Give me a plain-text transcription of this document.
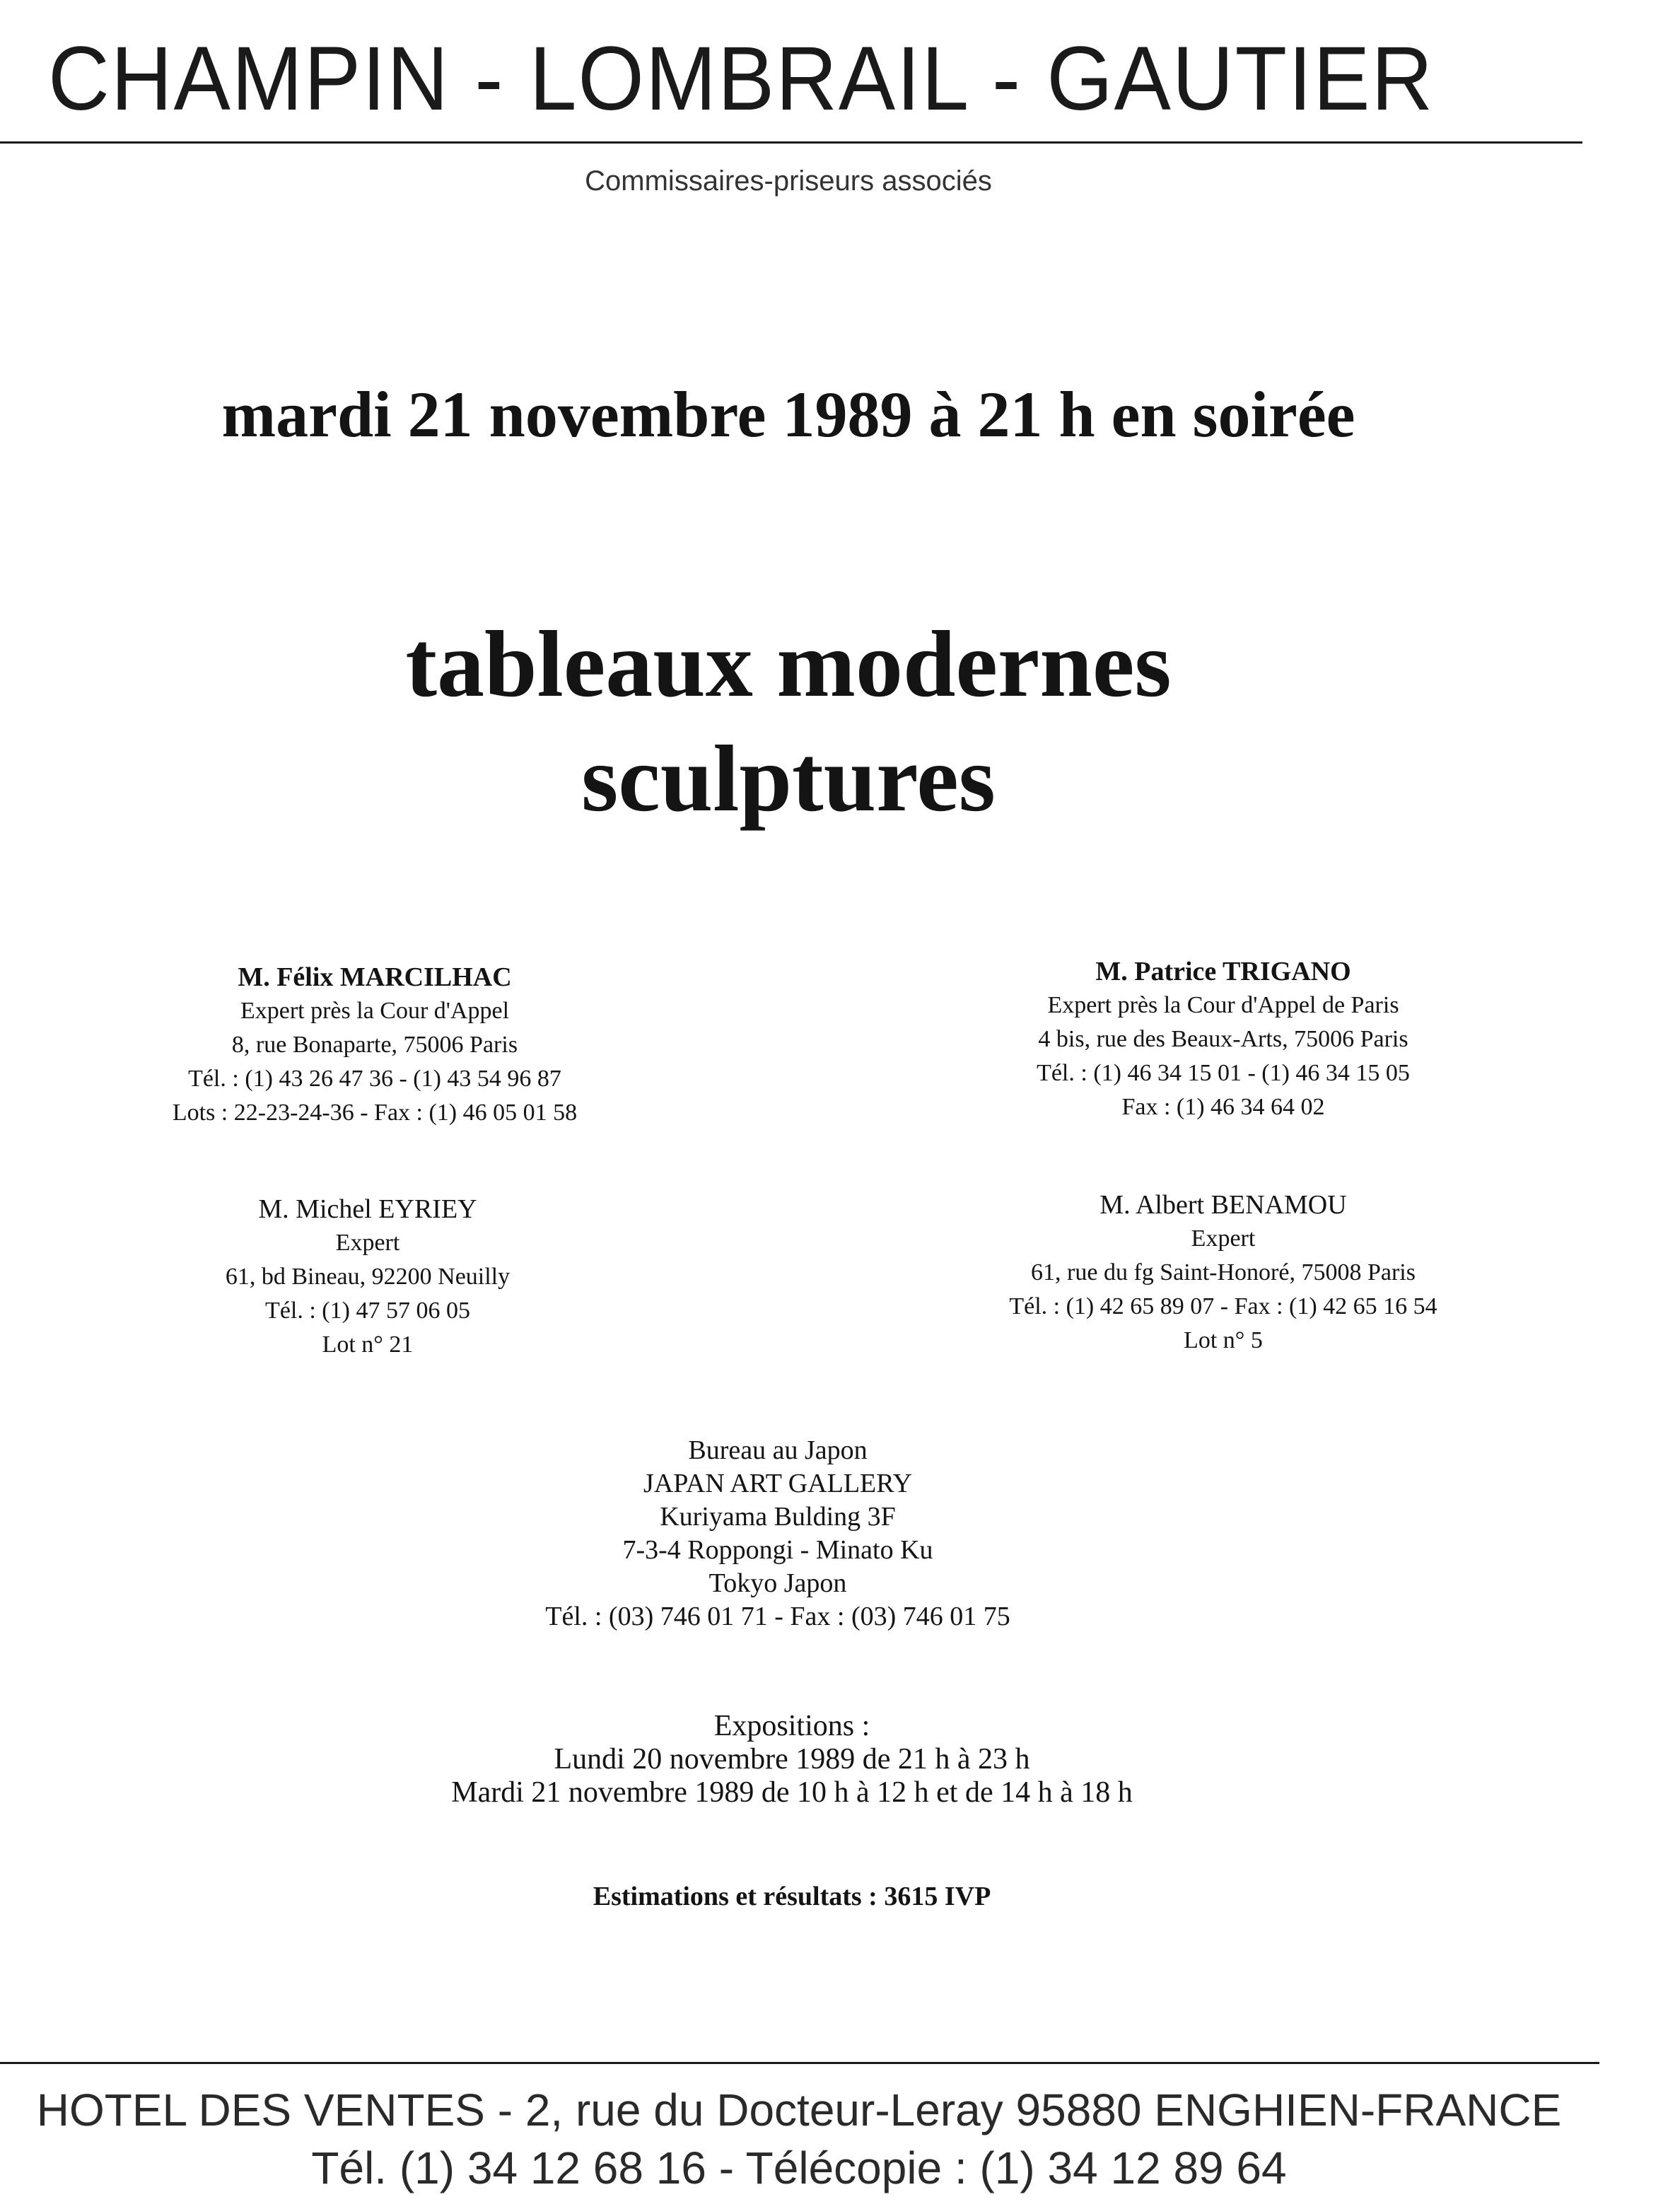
CHAMPIN - LOMBRAIL - GAUTIER
Commissaires-priseurs associés
mardi 21 novembre 1989 à 21 h en soirée
tableaux modernes
sculptures
M. Félix MARCILHAC
Expert près la Cour d'Appel
8, rue Bonaparte, 75006 Paris
Tél. : (1) 43 26 47 36 - (1) 43 54 96 87
Lots : 22-23-24-36 - Fax : (1) 46 05 01 58
M. Patrice TRIGANO
Expert près la Cour d'Appel de Paris
4 bis, rue des Beaux-Arts, 75006 Paris
Tél. : (1) 46 34 15 01 - (1) 46 34 15 05
Fax : (1) 46 34 64 02
M. Michel EYRIEY
Expert
61, bd Bineau, 92200 Neuilly
Tél. : (1) 47 57 06 05
Lot n° 21
M. Albert BENAMOU
Expert
61, rue du fg Saint-Honoré, 75008 Paris
Tél. : (1) 42 65 89 07 - Fax : (1) 42 65 16 54
Lot n° 5
Bureau au Japon
JAPAN ART GALLERY
Kuriyama Bulding 3F
7-3-4 Roppongi - Minato Ku
Tokyo Japon
Tél. : (03) 746 01 71 - Fax : (03) 746 01 75
Expositions :
Lundi 20 novembre 1989 de 21 h à 23 h
Mardi 21 novembre 1989 de 10 h à 12 h et de 14 h à 18 h
Estimations et résultats : 3615 IVP
HOTEL DES VENTES - 2, rue du Docteur-Leray 95880 ENGHIEN-FRANCE
Tél. (1) 34 12 68 16 - Télécopie : (1) 34 12 89 64
